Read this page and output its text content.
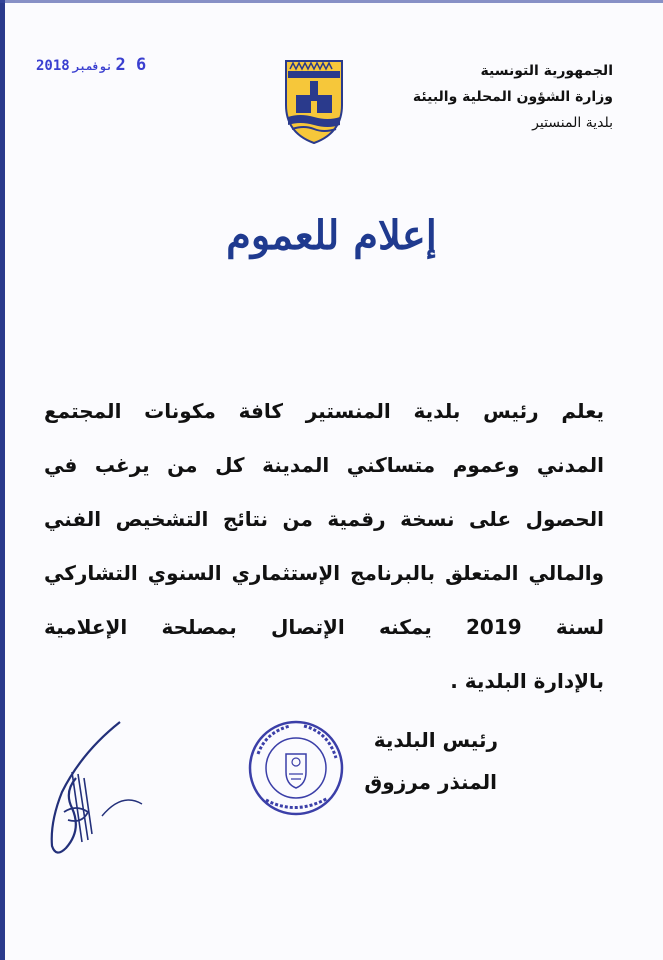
2018 نوفمبر 2 6	الجمهورية التونسية
وزارة الشؤون المحلية والبيئة
بلدية المنستير
إعلام للعموم
يعلم رئيس بلدية المنستير كافة مكونات المجتمع
المدني وعموم متساكني المدينة كل من يرغب في
الحصول على نسخة رقمية من نتائج التشخيص الفني
والمالي المتعلق بالبرنامج الإستثماري السنوي التشاركي
لسنة 2019 يمكنه الإتصال بمصلحة الإعلامية
بالإدارة البلدية .
رئيس البلدية
المنذر مرزوق
